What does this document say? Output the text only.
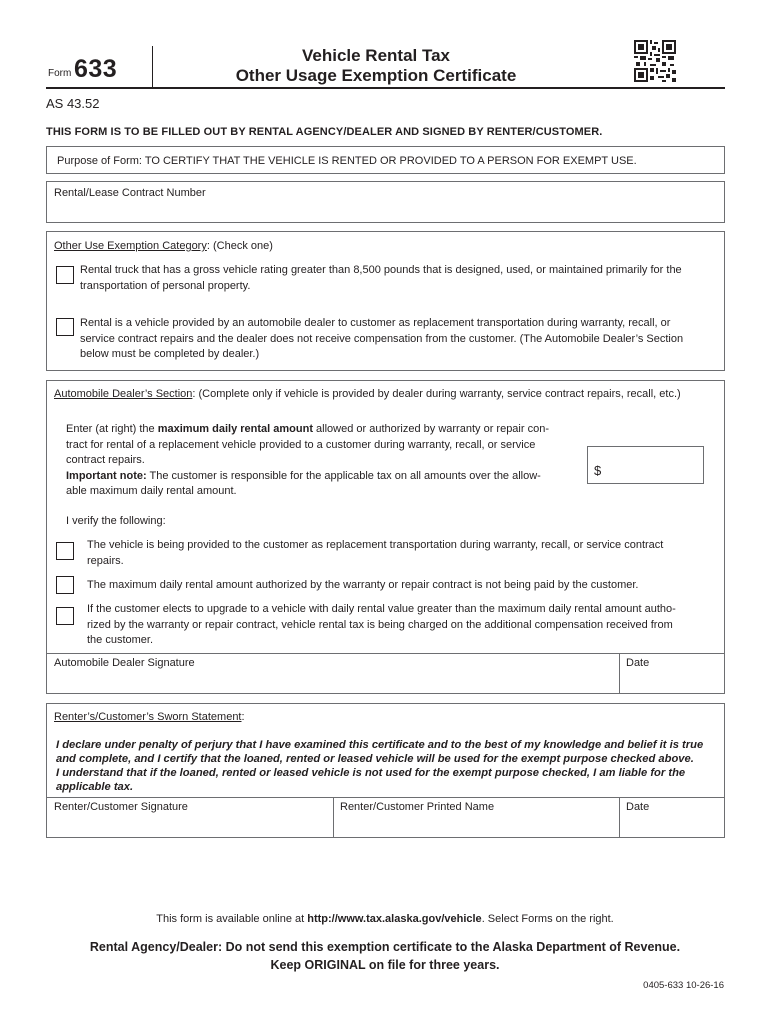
Form 633	Vehicle Rental Tax
Other Usage Exemption Certificate
AS 43.52
THIS FORM IS TO BE FILLED OUT BY RENTAL AGENCY/DEALER AND SIGNED BY RENTER/CUSTOMER.
Purpose of Form: TO CERTIFY THAT THE VEHICLE IS RENTED OR PROVIDED TO A PERSON FOR EXEMPT USE.
Rental/Lease Contract Number
Other Use Exemption Category: (Check one)
Rental truck that has a gross vehicle rating greater than 8,500 pounds that is designed, used, or maintained primarily for the
transportation of personal property.
Rental is a vehicle provided by an automobile dealer to customer as replacement transportation during warranty, recall, or
service contract repairs and the dealer does not receive compensation from the customer. (The Automobile Dealer’s Section
below must be completed by dealer.)
Automobile Dealer’s Section: (Complete only if vehicle is provided by dealer during warranty, service contract repairs, recall, etc.)
Enter (at right) the maximum daily rental amount allowed or authorized by warranty or repair con-
tract for rental of a replacement vehicle provided to a customer during warranty, recall, or service
contract repairs.
Important note: The customer is responsible for the applicable tax on all amounts over the allow-
able maximum daily rental amount.
$
I verify the following:
The vehicle is being provided to the customer as replacement transportation during warranty, recall, or service contract
repairs.
The maximum daily rental amount authorized by the warranty or repair contract is not being paid by the customer.
If the customer elects to upgrade to a vehicle with daily rental value greater than the maximum daily rental amount autho-
rized by the warranty or repair contract, vehicle rental tax is being charged on the additional compensation received from
the customer.
Automobile Dealer Signature	Date
Renter’s/Customer’s Sworn Statement:
I declare under penalty of perjury that I have examined this certificate and to the best of my knowledge and belief it is true
and complete, and I certify that the loaned, rented or leased vehicle will be used for the exempt purpose checked above.
I understand that if the loaned, rented or leased vehicle is not used for the exempt purpose checked, I am liable for the
applicable tax.
Renter/Customer Signature	Renter/Customer Printed Name	Date
This form is available online at http://www.tax.alaska.gov/vehicle. Select Forms on the right.
Rental Agency/Dealer: Do not send this exemption certificate to the Alaska Department of Revenue.
Keep ORIGINAL on file for three years.
0405-633 10-26-16
